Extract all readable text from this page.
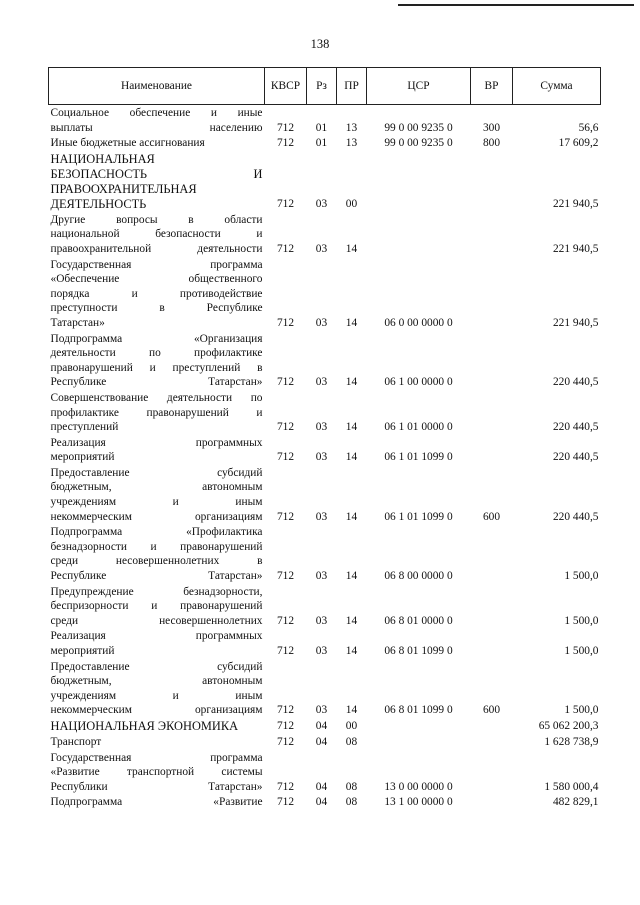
138
Наименование	КВСР	Рз	ПР	ЦСР	ВР	Сумма

Социальное обеспечение и иные
выплаты населению	712	01	13	99 0 00 9235 0	300	56,6

Иные бюджетные ассигнования	712	01	13	99 0 00 9235 0	800	17 609,2

НАЦИОНАЛЬНАЯ
БЕЗОПАСНОСТЬ И
ПРАВООХРАНИТЕЛЬНАЯ
ДЕЯТЕЛЬНОСТЬ	712	03	00			221 940,5

Другие вопросы в области
национальной безопасности и
правоохранительной деятельности	712	03	14			221 940,5

Государственная программа
«Обеспечение общественного
порядка и противодействие
преступности в Республике
Татарстан»	712	03	14	06 0 00 0000 0		221 940,5

Подпрограмма «Организация
деятельности по профилактике
правонарушений и преступлений в
Республике Татарстан»	712	03	14	06 1 00 0000 0		220 440,5

Совершенствование деятельности по
профилактике правонарушений и
преступлений	712	03	14	06 1 01 0000 0		220 440,5

Реализация программных
мероприятий	712	03	14	06 1 01 1099 0		220 440,5

Предоставление субсидий
бюджетным, автономным
учреждениям и иным
некоммерческим организациям	712	03	14	06 1 01 1099 0	600	220 440,5

Подпрограмма «Профилактика
безнадзорности и правонарушений
среди несовершеннолетних в
Республике Татарстан»	712	03	14	06 8 00 0000 0		1 500,0

Предупреждение безнадзорности,
беспризорности и правонарушений
среди несовершеннолетних	712	03	14	06 8 01 0000 0		1 500,0

Реализация программных
мероприятий	712	03	14	06 8 01 1099 0		1 500,0

Предоставление субсидий
бюджетным, автономным
учреждениям и иным
некоммерческим организациям	712	03	14	06 8 01 1099 0	600	1 500,0

НАЦИОНАЛЬНАЯ ЭКОНОМИКА	712	04	00			65 062 200,3

Транспорт	712	04	08			1 628 738,9

Государственная программа
«Развитие транспортной системы
Республики Татарстан»	712	04	08	13 0 00 0000 0		1 580 000,4

Подпрограмма «Развитие	712	04	08	13 1 00 0000 0		482 829,1
